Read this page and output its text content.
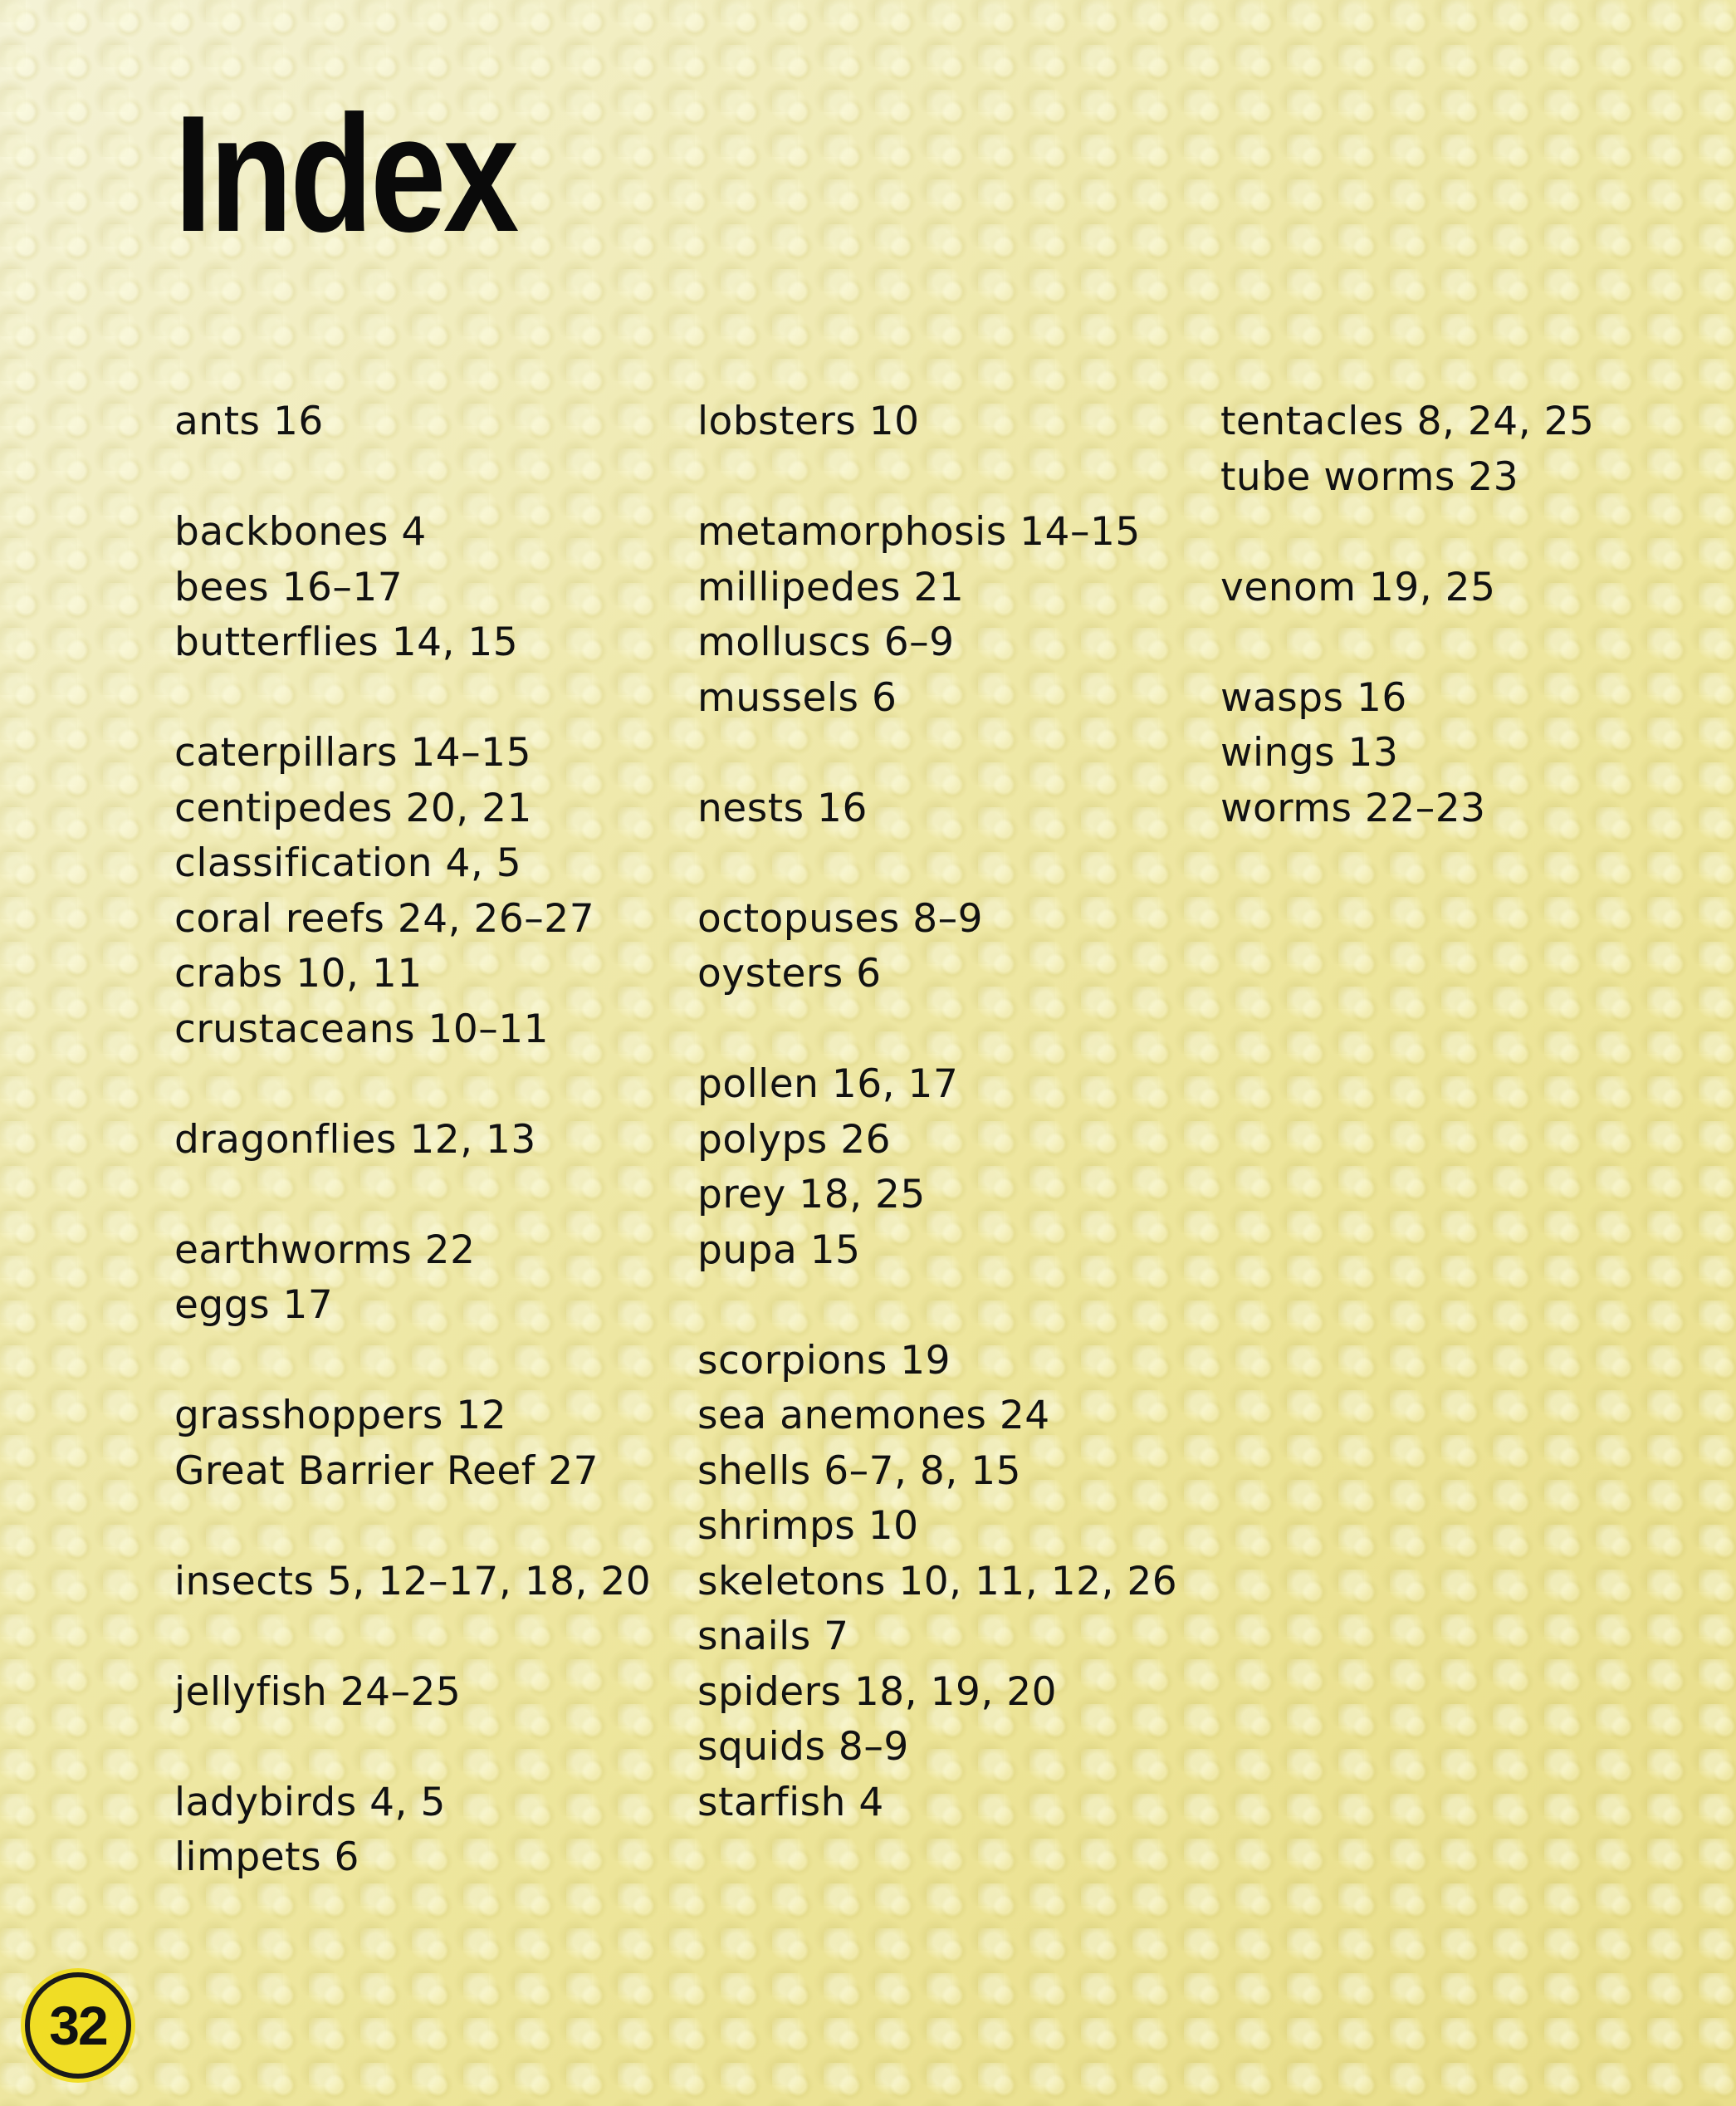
Index
ants 16
backbones 4
bees 16–17
butterflies 14, 15
caterpillars 14–15
centipedes 20, 21
classification 4, 5
coral reefs 24, 26–27
crabs 10, 11
crustaceans 10–11
dragonflies 12, 13
earthworms 22
eggs 17
grasshoppers 12
Great Barrier Reef 27
insects 5, 12–17, 18, 20
jellyfish 24–25
ladybirds 4, 5
limpets 6
lobsters 10
metamorphosis 14–15
millipedes 21
molluscs 6–9
mussels 6
nests 16
octopuses 8–9
oysters 6
pollen 16, 17
polyps 26
prey 18, 25
pupa 15
scorpions 19
sea anemones 24
shells 6–7, 8, 15
shrimps 10
skeletons 10, 11, 12, 26
snails 7
spiders 18, 19, 20
squids 8–9
starfish 4
tentacles 8, 24, 25
tube worms 23
venom 19, 25
wasps 16
wings 13
worms 22–23
32
